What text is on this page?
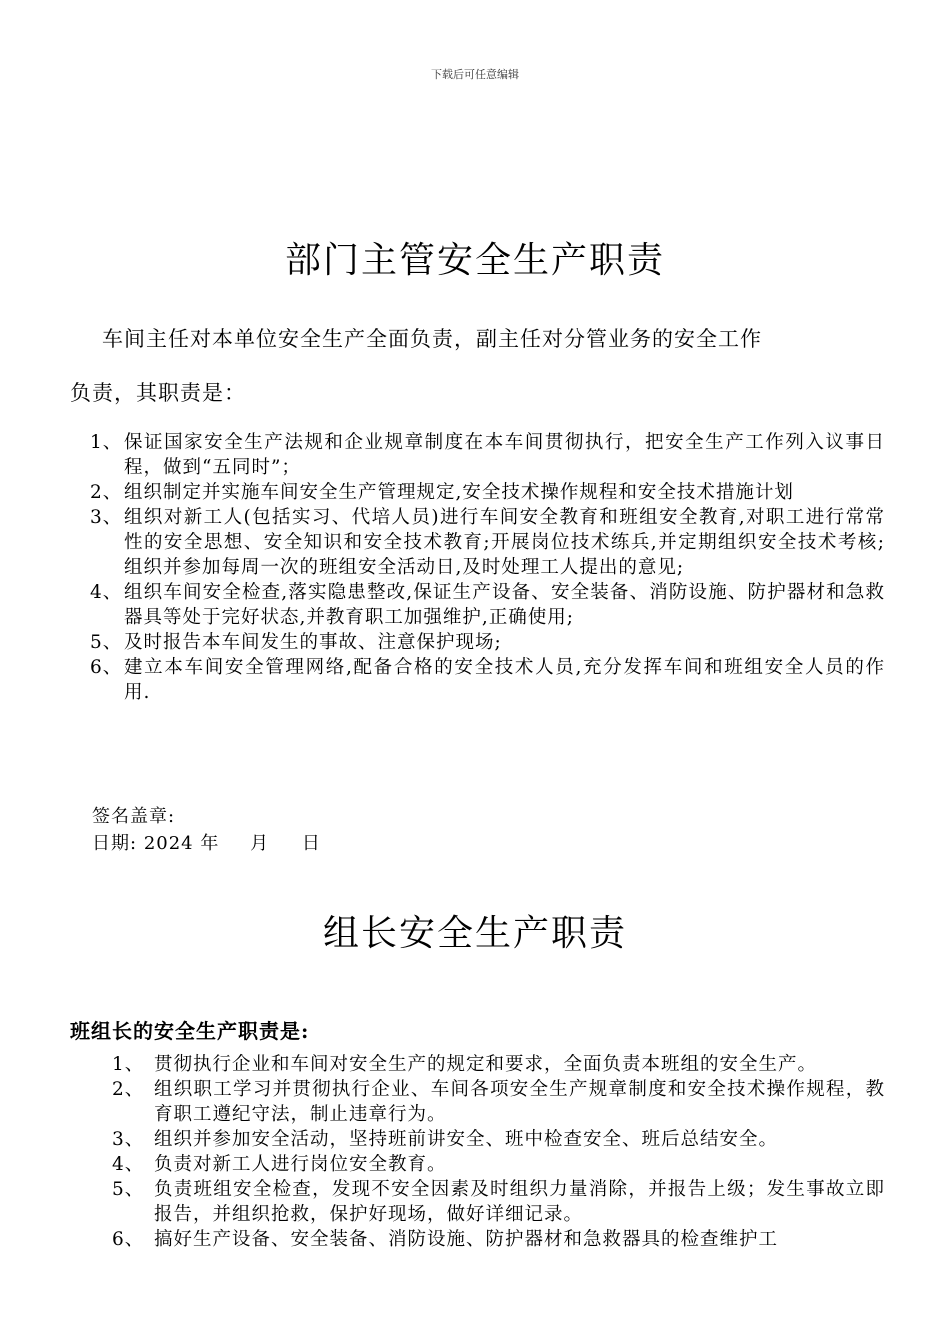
下载后可任意编辑
部门主管安全生产职责

车间主任对本单位安全生产全面负责，副主任对分管业务的安全工作
负责，其职责是：

1、 保证国家安全生产法规和企业规章制度在本车间贯彻执行，把安全生产工作列入议事日程，做到“五同时”；
2、 组织制定并实施车间安全生产管理规定,安全技术操作规程和安全技术措施计划
3、 组织对新工人(包括实习、代培人员)进行车间安全教育和班组安全教育,对职工进行常常性的安全思想、安全知识和安全技术教育;开展岗位技术练兵,并定期组织安全技术考核;组织并参加每周一次的班组安全活动日,及时处理工人提出的意见;
4、 组织车间安全检查,落实隐患整改,保证生产设备、安全装备、消防设施、防护器材和急救器具等处于完好状态,并教育职工加强维护,正确使用;
5、 及时报告本车间发生的事故、注意保护现场;
6、 建立本车间安全管理网络,配备合格的安全技术人员,充分发挥车间和班组安全人员的作用.
签名盖章:
日期: 2024 年 月 日
组长安全生产职责
班组长的安全生产职责是:
1、 贯彻执行企业和车间对安全生产的规定和要求，全面负责本班组的安全生产。
2、 组织职工学习并贯彻执行企业、车间各项安全生产规章制度和安全技术操作规程，教育职工遵纪守法，制止违章行为。
3、 组织并参加安全活动，坚持班前讲安全、班中检查安全、班后总结安全。
4、 负责对新工人进行岗位安全教育。
5、 负责班组安全检查，发现不安全因素及时组织力量消除，并报告上级；发生事故立即报告，并组织抢救，保护好现场，做好详细记录。
6、 搞好生产设备、安全装备、消防设施、防护器材和急救器具的检查维护工
